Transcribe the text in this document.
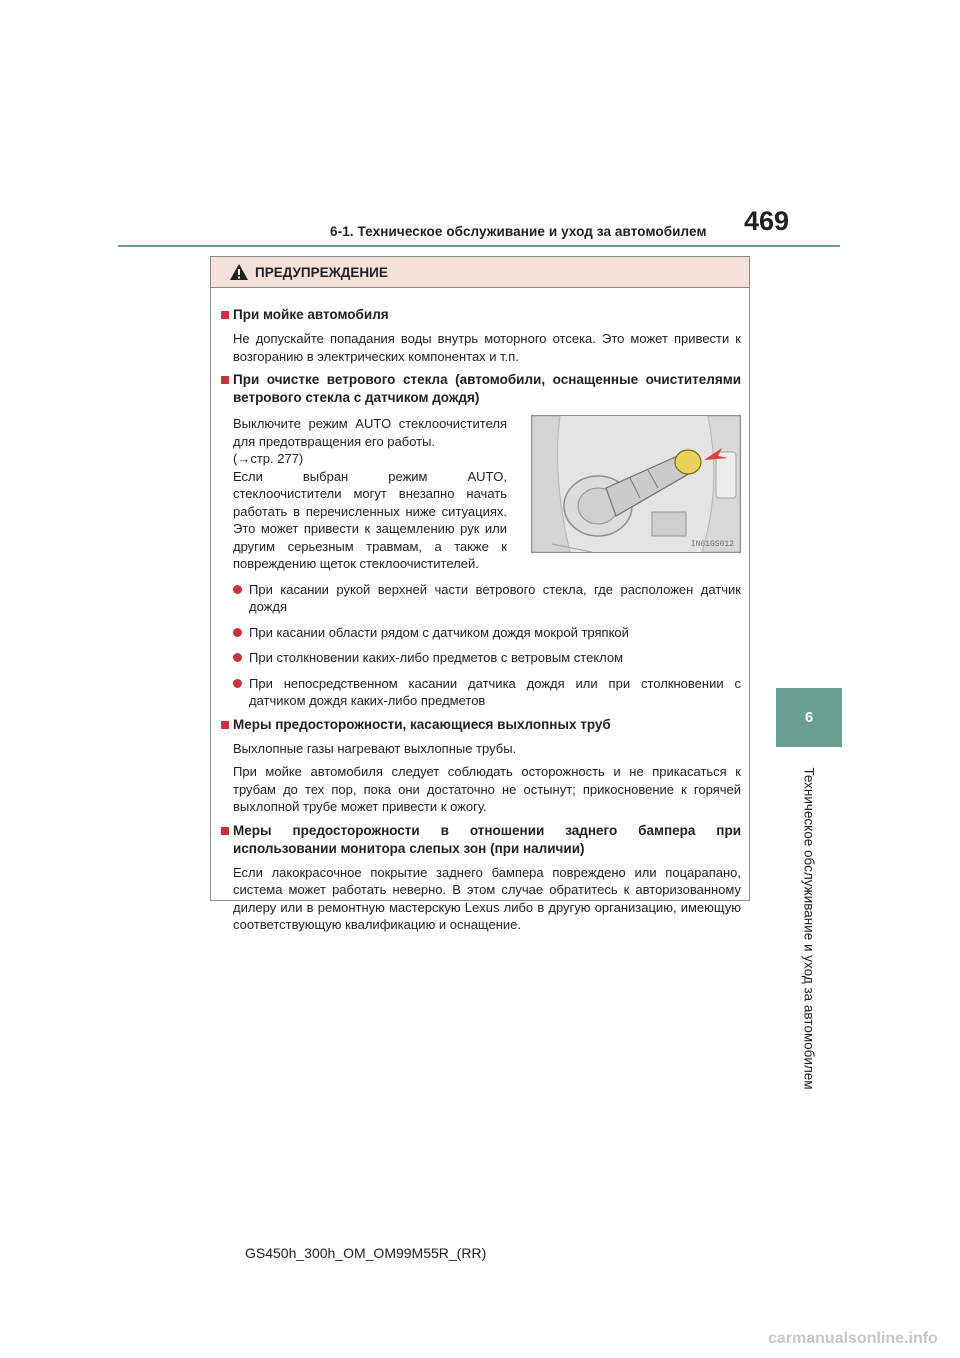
6-1. Техническое обслуживание и уход за автомобилем 469
6
Техническое обслуживание и уход за автомобилем
ПРЕДУПРЕЖДЕНИЕ
При мойке автомобиля
Не допускайте попадания воды внутрь моторного отсека. Это может привести к возгоранию в электрических компонентах и т.п.
При очистке ветрового стекла (автомобили, оснащенные очистителями ветрового стекла с датчиком дождя)
Выключите режим AUTO стеклоочистителя для предотвращения его работы.
(→стр. 277)
Если выбран режим AUTO, стеклоочистители могут внезапно начать работать в перечисленных ниже ситуациях. Это может привести к защемлению рук или другим серьезным травмам, а также к повреждению щеток стеклоочистителей.
IN61GS012
При касании рукой верхней части ветрового стекла, где расположен датчик дождя
При касании области рядом с датчиком дождя мокрой тряпкой
При столкновении каких-либо предметов с ветровым стеклом
При непосредственном касании датчика дождя или при столкновении с датчиком дождя каких-либо предметов
Меры предосторожности, касающиеся выхлопных труб
Выхлопные газы нагревают выхлопные трубы.
При мойке автомобиля следует соблюдать осторожность и не прикасаться к трубам до тех пор, пока они достаточно не остынут; прикосновение к горячей выхлопной трубе может привести к ожогу.
Меры предосторожности в отношении заднего бампера при использовании монитора слепых зон (при наличии)
Если лакокрасочное покрытие заднего бампера повреждено или поцарапано, система может работать неверно. В этом случае обратитесь к авторизованному дилеру или в ремонтную мастерскую Lexus либо в другую организацию, имеющую соответствующую квалификацию и оснащение.
GS450h_300h_OM_OM99M55R_(RR)
carmanualsonline.info
